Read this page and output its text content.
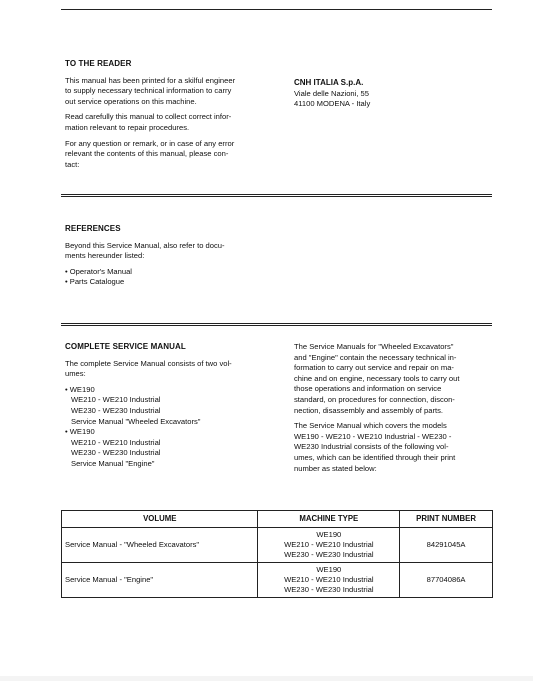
TO THE READER
This manual has been printed for a skilful engineer
to supply necessary technical information to carry
out service operations on this machine.
Read carefully this manual to collect correct infor-
mation relevant to repair procedures.
For any question or remark, or in case of any error
relevant the contents of this manual, please con-
tact:
CNH ITALIA S.p.A.
Viale delle Nazioni, 55
41100 MODENA - Italy
REFERENCES
Beyond this Service Manual, also refer to docu-
ments hereunder listed:
• Operator's Manual
• Parts Catalogue
COMPLETE SERVICE MANUAL
The complete Service Manual consists of two vol-
umes:
• WE190
WE210 - WE210 Industrial
WE230 - WE230 Industrial
Service Manual "Wheeled Excavators"
• WE190
WE210 - WE210 Industrial
WE230 - WE230 Industrial
Service Manual "Engine"
The Service Manuals for "Wheeled Excavators"
and "Engine" contain the necessary technical in-
formation to carry out service and repair on ma-
chine and on engine, necessary tools to carry out
those operations and information on service
standard, on procedures for connection, discon-
nection, disassembly and assembly of parts.
The Service Manual which covers the models
WE190 - WE210 - WE210 Industrial - WE230 -
WE230 Industrial consists of the following vol-
umes, which can be identified through their print
number as stated below:
VOLUME	MACHINE TYPE	PRINT NUMBER
Service Manual - "Wheeled Excavators"	WE190
WE210 - WE210 Industrial
WE230 - WE230 Industrial	84291045A
Service Manual - "Engine"	WE190
WE210 - WE210 Industrial
WE230 - WE230 Industrial	87704086A
